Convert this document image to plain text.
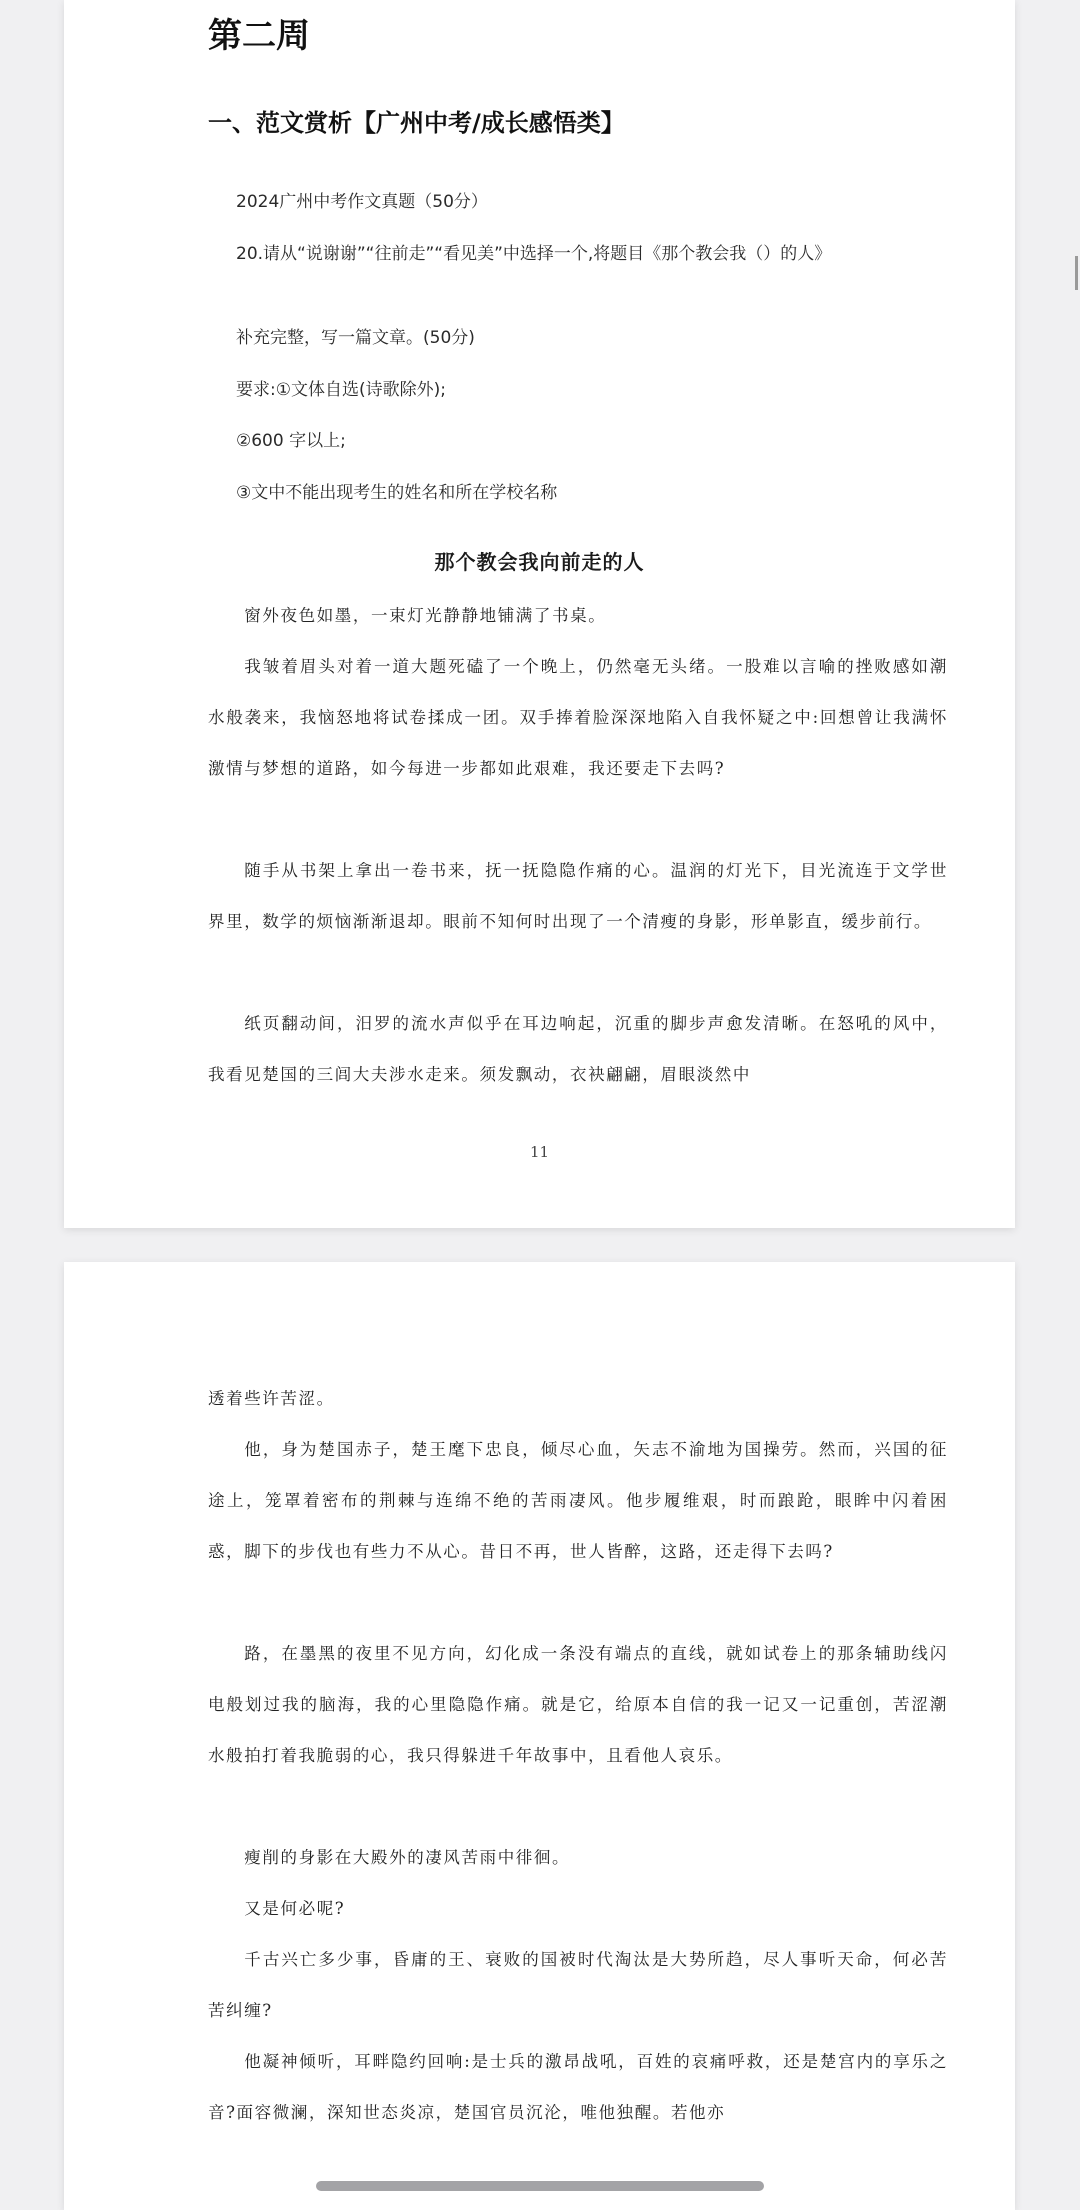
第二周
一、范文赏析【广州中考/成长感悟类】

2024广州中考作文真题（50分）

20.请从“说谢谢”“往前走”“看见美”中选择一个,将题目《那个教会我（）的人》

补充完整，写一篇文章。(50分)

要求:①文体自选(诗歌除外);

②600 字以上;

③文中不能出现考生的姓名和所在学校名称

那个教会我向前走的人

窗外夜色如墨，一束灯光静静地铺满了书桌。

我皱着眉头对着一道大题死磕了一个晚上，仍然毫无头绪。一股难以言喻的挫败感如潮水般袭来，我恼怒地将试卷揉成一团。双手捧着脸深深地陷入自我怀疑之中:回想曾让我满怀激情与梦想的道路，如今每进一步都如此艰难，我还要走下去吗?

随手从书架上拿出一卷书来，抚一抚隐隐作痛的心。温润的灯光下，目光流连于文学世界里，数学的烦恼渐渐退却。眼前不知何时出现了一个清瘦的身影，形单影直，缓步前行。

纸页翻动间，汨罗的流水声似乎在耳边响起，沉重的脚步声愈发清晰。在怒吼的风中，我看见楚国的三闾大夫涉水走来。须发飘动，衣袂翩翩，眉眼淡然中

11

透着些许苦涩。

他，身为楚国赤子，楚王麾下忠良，倾尽心血，矢志不渝地为国操劳。然而，兴国的征途上，笼罩着密布的荆棘与连绵不绝的苦雨凄风。他步履维艰，时而踉跄，眼眸中闪着困惑，脚下的步伐也有些力不从心。昔日不再，世人皆醉，这路，还走得下去吗?

路，在墨黑的夜里不见方向，幻化成一条没有端点的直线，就如试卷上的那条辅助线闪电般划过我的脑海，我的心里隐隐作痛。就是它，给原本自信的我一记又一记重创，苦涩潮水般拍打着我脆弱的心，我只得躲进千年故事中，且看他人哀乐。

瘦削的身影在大殿外的凄风苦雨中徘徊。

又是何必呢?

千古兴亡多少事，昏庸的王、衰败的国被时代淘汰是大势所趋，尽人事听天命，何必苦苦纠缠?

他凝神倾听，耳畔隐约回响:是士兵的激昂战吼，百姓的哀痛呼救，还是楚宫内的享乐之音?面容微澜，深知世态炎凉，楚国官员沉沦，唯他独醒。若他亦
